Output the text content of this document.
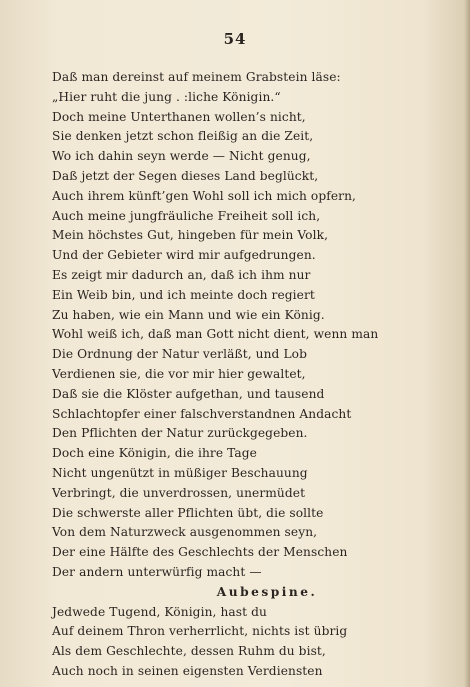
54
Daß man dereinst auf meinem Grabstein läse:
„Hier ruht die jung . :liche Königin.“
Doch meine Unterthanen wollen’s nicht,
Sie denken jetzt schon fleißig an die Zeit,
Wo ich dahin seyn werde — Nicht genug,
Daß jetzt der Segen dieses Land beglückt,
Auch ihrem künft’gen Wohl soll ich mich opfern,
Auch meine jungfräuliche Freiheit soll ich,
Mein höchstes Gut, hingeben für mein Volk,
Und der Gebieter wird mir aufgedrungen.
Es zeigt mir dadurch an, daß ich ihm nur
Ein Weib bin, und ich meinte doch regiert
Zu haben, wie ein Mann und wie ein König.
Wohl weiß ich, daß man Gott nicht dient, wenn man
Die Ordnung der Natur verläßt, und Lob
Verdienen sie, die vor mir hier gewaltet,
Daß sie die Klöster aufgethan, und tausend
Schlachtopfer einer falschverstandnen Andacht
Den Pflichten der Natur zurückgegeben.
Doch eine Königin, die ihre Tage
Nicht ungenützt in müßiger Beschauung
Verbringt, die unverdrossen, unermüdet
Die schwerste aller Pflichten übt, die sollte
Von dem Naturzweck ausgenommen seyn,
Der eine Hälfte des Geschlechts der Menschen
Der andern unterwürfig macht —
Aubespine.
Jedwede Tugend, Königin, hast du
Auf deinem Thron verherrlicht, nichts ist übrig
Als dem Geschlechte, dessen Ruhm du bist,
Auch noch in seinen eigensten Verdiensten
